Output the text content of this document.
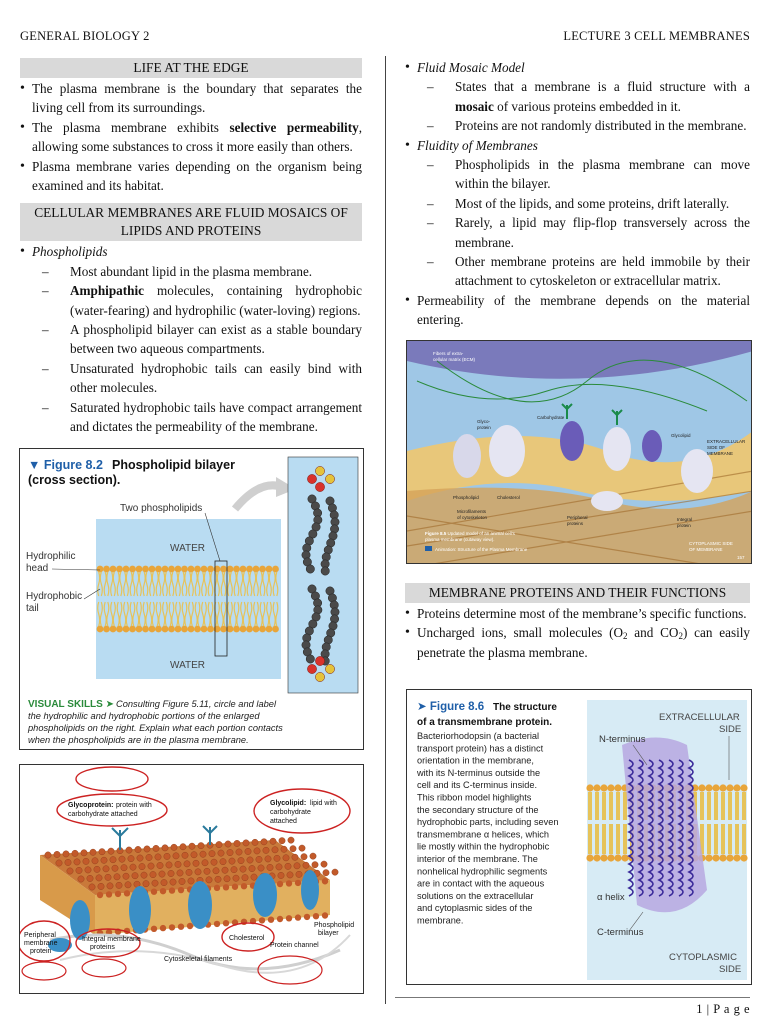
GENERAL BIOLOGY 2	LECTURE 3 CELL MEMBRANES
LIFE AT THE EDGE
• The plasma membrane is the boundary that separates the living cell from its surroundings.
• The plasma membrane exhibits selective permeability, allowing some substances to cross it more easily than others.
• Plasma membrane varies depending on the organism being examined and its habitat.
CELLULAR MEMBRANES ARE FLUID MOSAICS OF LIPIDS AND PROTEINS
• Phospholipids
– Most abundant lipid in the plasma membrane.
– Amphipathic molecules, containing hydrophobic (water-fearing) and hydrophilic (water-loving) regions.
– A phospholipid bilayer can exist as a stable boundary between two aqueous compartments.
– Unsaturated hydrophobic tails can easily bind with other molecules.
– Saturated hydrophobic tails have compact arrangement and dictates the permeability of the membrane.
▼ Figure 8.2 Phospholipid bilayer
(cross section).
WATER
WATER
Two phospholipids
Hydrophilic
head
Hydrophobic
tail
VISUAL SKILLS ➤ Consulting Figure 5.11, circle and label
the hydrophilic and hydrophobic portions of the enlarged
phospholipids on the right. Explain what each portion contacts
when the phospholipids are in the plasma membrane.
Glycoprotein: protein with
carbohydrate attached
Glycolipid: lipid with
carbohydrate
attached
Peripheral
membrane
protein
Integral membrane
proteins
Cholesterol
Protein channel
Phospholipid
bilayer
Cytoskeletal filaments
• Fluid Mosaic Model
– States that a membrane is a fluid structure with a mosaic of various proteins embedded in it.
– Proteins are not randomly distributed in the membrane.
• Fluidity of Membranes
– Phospholipids in the plasma membrane can move within the bilayer.
– Most of the lipids, and some proteins, drift laterally.
– Rarely, a lipid may flip-flop transversely across the membrane.
– Other membrane proteins are held immobile by their attachment to cytoskeleton or extracellular matrix.
• Permeability of the membrane depends on the material entering.
Fibers of extra-
cellular matrix (ECM)
Carbohydrate
Glyco-
protein
Glycolipid
EXTRACELLULAR
SIDE OF
MEMBRANE
Phospholipid	Cholesterol
Microfilaments
of cytoskeleton	Peripheral
proteins
Integral
protein
Figure 8.5 Updated model of an animal cell's
plasma membrane (cutaway view).
Animation: Structure of the Plasma Membrane
CYTOPLASMIC SIDE
OF MEMBRANE
157
MEMBRANE PROTEINS AND THEIR FUNCTIONS
• Proteins determine most of the membrane’s specific functions.
• Uncharged ions, small molecules ($O_2$ and $CO_2$) can easily penetrate the plasma membrane.
➤ Figure 8.6 The structure
of a transmembrane protein.
Bacteriorhodopsin (a bacterial
transport protein) has a distinct
orientation in the membrane,
with its N-terminus outside the
cell and its C-terminus inside.
This ribbon model highlights
the secondary structure of the
hydrophobic parts, including seven
transmembrane α helices, which
lie mostly within the hydrophobic
interior of the membrane. The
nonhelical hydrophilic segments
are in contact with the aqueous
solutions on the extracellular
and cytoplasmic sides of the
membrane.
EXTRACELLULAR
SIDE
N-terminus
α helix
C-terminus
CYTOPLASMIC
SIDE
1 | P a g e
